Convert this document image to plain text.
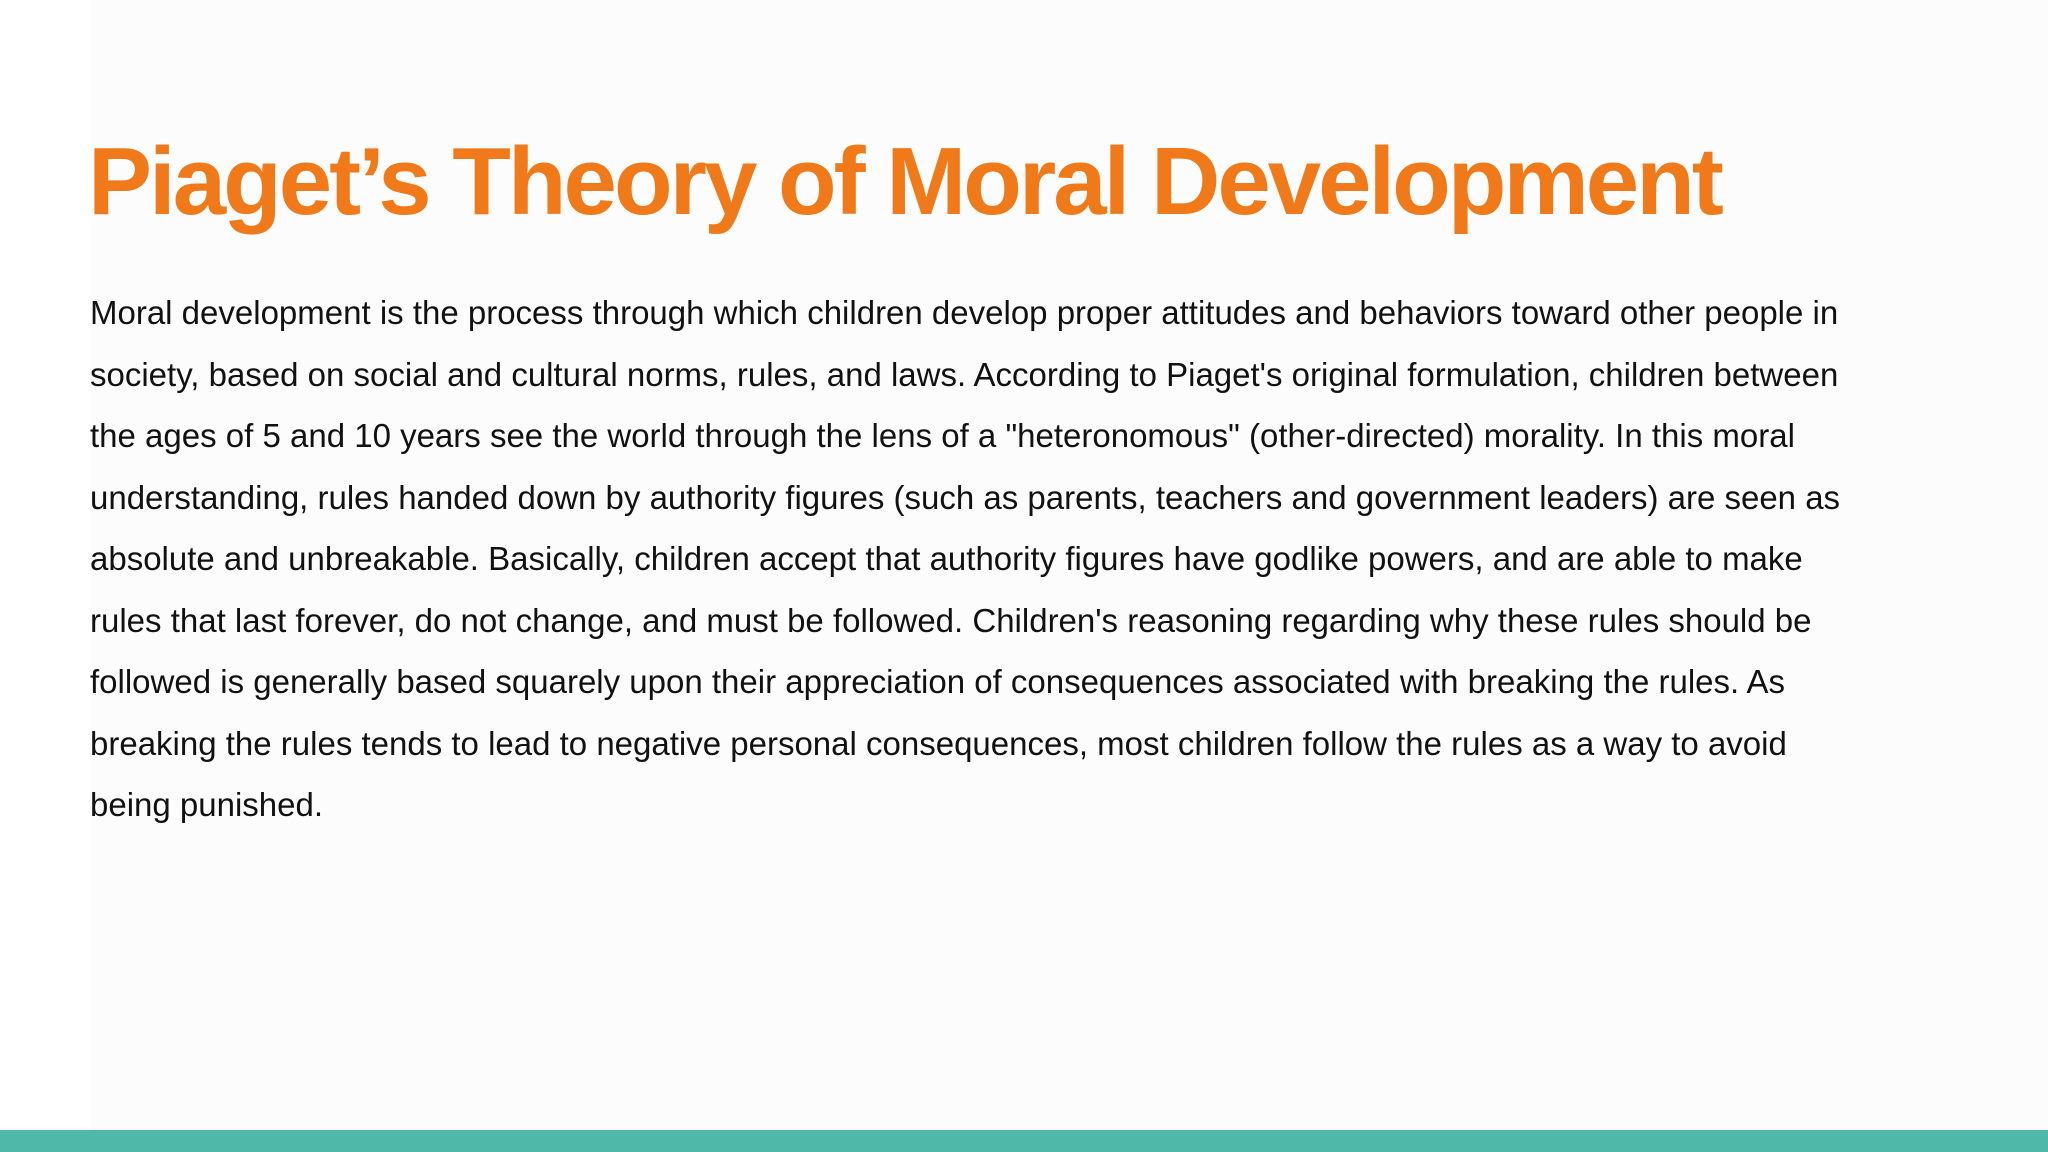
Piaget’s Theory of Moral Development
Moral development is the process through which children develop proper attitudes and behaviors toward other people in
society, based on social and cultural norms, rules, and laws. According to Piaget's original formulation, children between
the ages of 5 and 10 years see the world through the lens of a "heteronomous" (other-directed) morality. In this moral
understanding, rules handed down by authority figures (such as parents, teachers and government leaders) are seen as
absolute and unbreakable. Basically, children accept that authority figures have godlike powers, and are able to make
rules that last forever, do not change, and must be followed. Children's reasoning regarding why these rules should be
followed is generally based squarely upon their appreciation of consequences associated with breaking the rules. As
breaking the rules tends to lead to negative personal consequences, most children follow the rules as a way to avoid
being punished.
